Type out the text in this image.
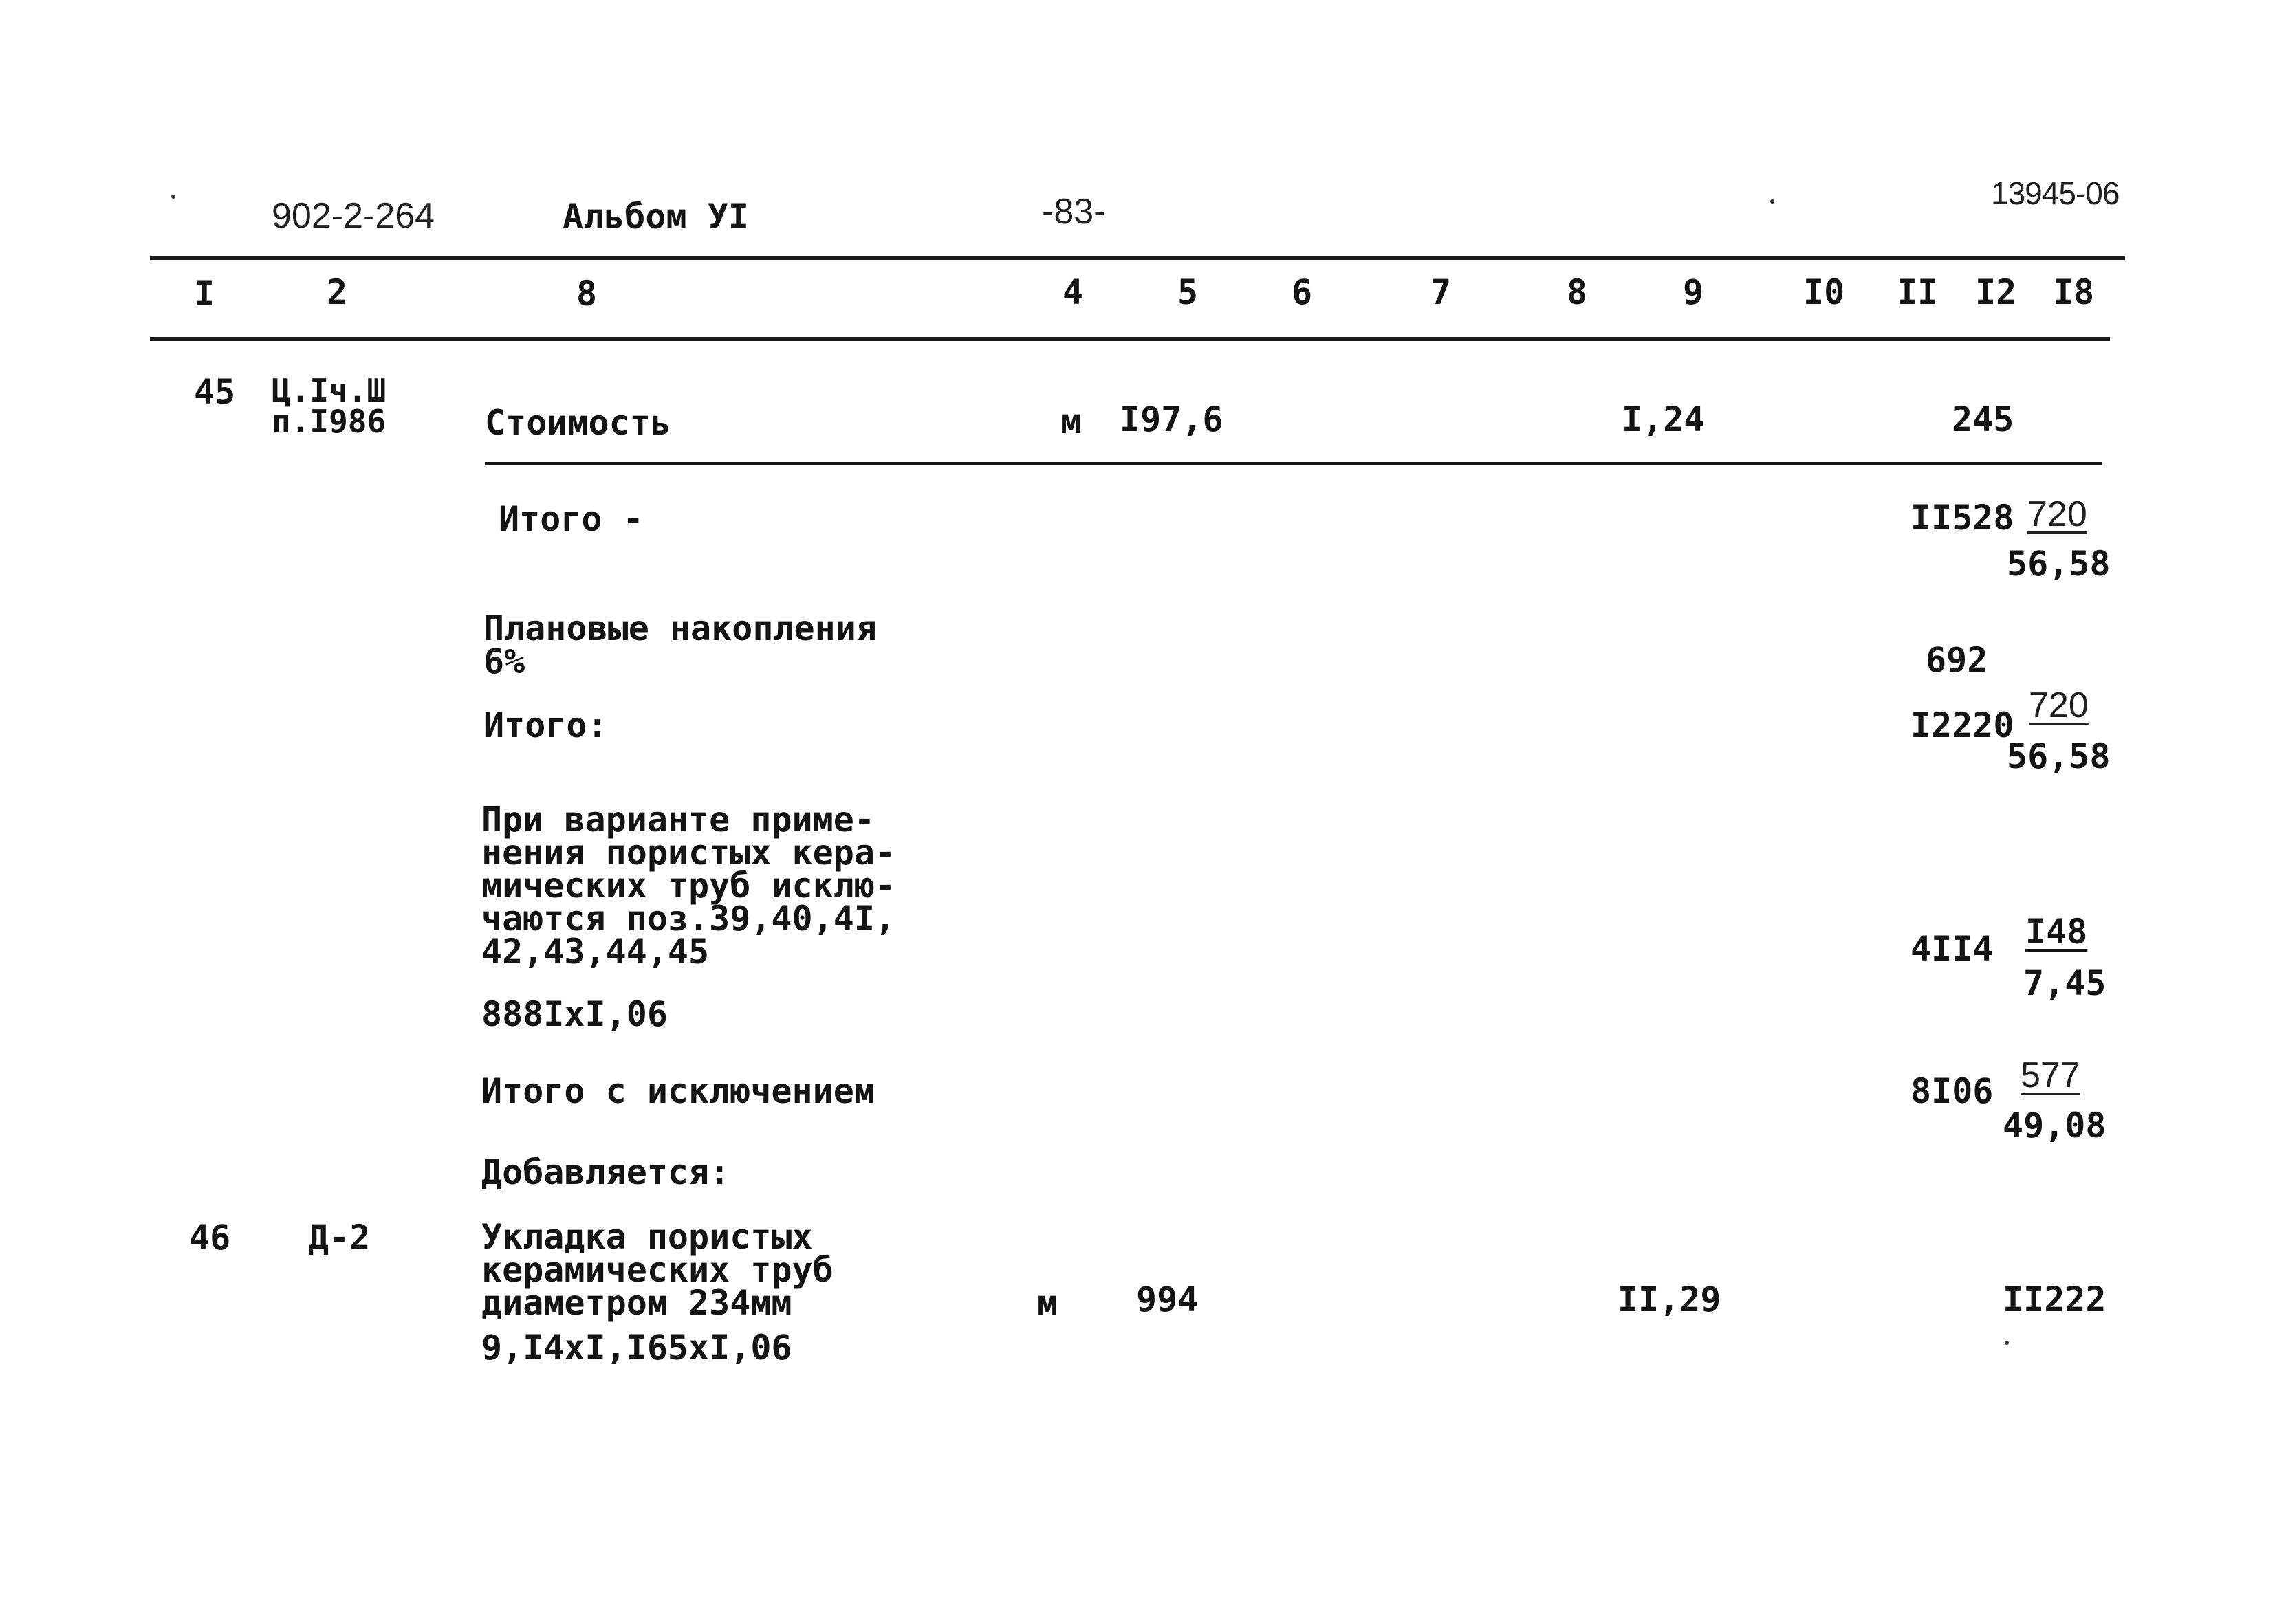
902-2-264	Альбом УI	-83-	13945-06
I	2	8	4	5	6	7	8	9	I0 II I2 I8
45 Ц.Iч.Ш
п.I986	Стоимость	м I97,6	I,24	245
Итого -	II528 720
56,58
Плановые накопления
6%	692
Итого:	I2220 720
56,58
При варианте приме-
нения пористых кера-
мических труб исклю-
чаются поз.39,40,4I,
42,43,44,45	4II4 I48
7,45
888IxI,06
Итого с исключением	8I06 577
49,08
Добавляется:
46 Д-2	Укладка пористых
керамических труб
диаметром 234мм	м 994	II,29	II222
9,I4xI,I65xI,06
